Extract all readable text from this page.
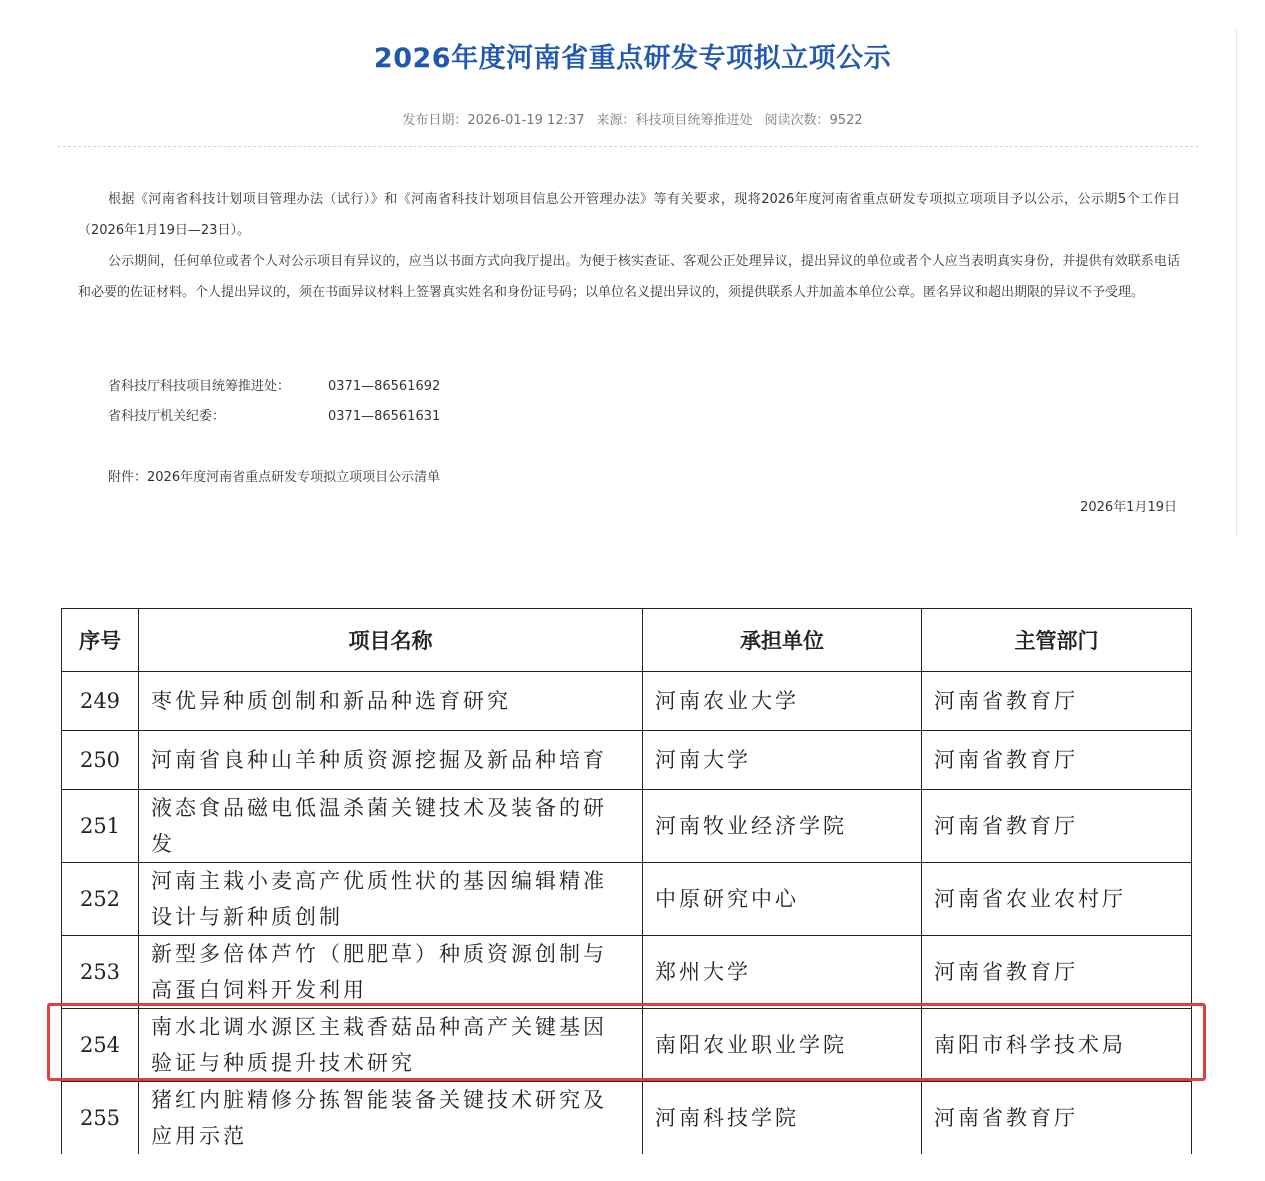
2026年度河南省重点研发专项拟立项公示
发布日期：2026-01-19 12:37 来源：科技项目统筹推进处 阅读次数：9522

根据《河南省科技计划项目管理办法（试行）》和《河南省科技计划项目信息公开管理办法》等有关要求，现将2026年度河南省重点研发专项拟立项项目予以公示，公示期5个工作日（2026年1月19日—23日）。

公示期间，任何单位或者个人对公示项目有异议的，应当以书面方式向我厅提出。为便于核实查证、客观公正处理异议，提出异议的单位或者个人应当表明真实身份，并提供有效联系电话和必要的佐证材料。个人提出异议的，须在书面异议材料上签署真实姓名和身份证号码；以单位名义提出异议的，须提供联系人并加盖本单位公章。匿名异议和超出期限的异议不予受理。

省科技厅科技项目统筹推进处：	0371—86561692
省科技厅机关纪委：	0371—86561631
附件：2026年度河南省重点研发专项拟立项项目公示清单
2026年1月19日
序号	项目名称	承担单位	主管部门
249	枣优异种质创制和新品种选育研究	河南农业大学	河南省教育厅
250	河南省良种山羊种质资源挖掘及新品种培育	河南大学	河南省教育厅
251	液态食品磁电低温杀菌关键技术及装备的研发	河南牧业经济学院	河南省教育厅
252	河南主栽小麦高产优质性状的基因编辑精准设计与新种质创制	中原研究中心	河南省农业农村厅
253	新型多倍体芦竹（肥肥草）种质资源创制与高蛋白饲料开发利用	郑州大学	河南省教育厅
254	南水北调水源区主栽香菇品种高产关键基因验证与种质提升技术研究	南阳农业职业学院	南阳市科学技术局
255	猪红内脏精修分拣智能装备关键技术研究及应用示范	河南科技学院	河南省教育厅
